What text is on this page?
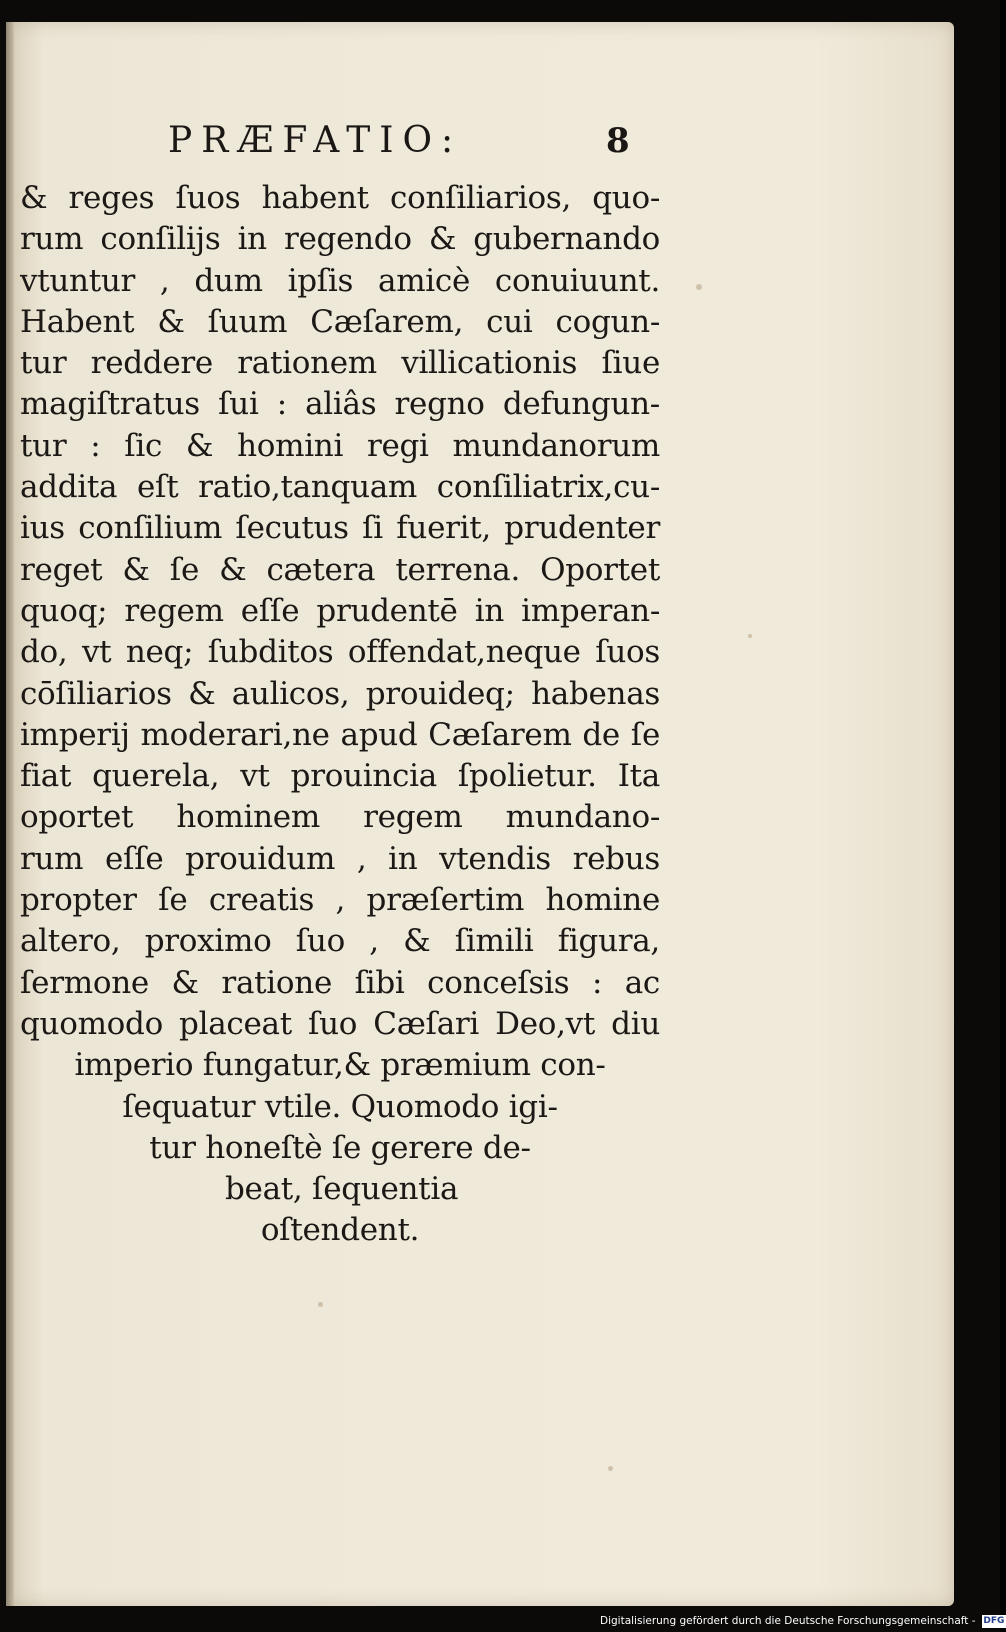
PRÆFATIO:	8
& reges ſuos habent conſiliarios, quo-
rum conſilijs in regendo & gubernando
vtuntur , dum ipſis amicè conuiuunt.
Habent & ſuum Cæſarem, cui cogun-
tur reddere rationem villicationis ſiue
magiſtratus ſui : aliâs regno defungun-
tur : ſic & homini regi mundanorum
addita eſt ratio,tanquam conſiliatrix,cu-
ius conſilium ſecutus ſi fuerit, prudenter
reget & ſe & cætera terrena. Oportet
quoq; regem eſſe prudentē in imperan-
do, vt neq; ſubditos offendat,neque ſuos
cōſiliarios & aulicos, prouideq; habenas
imperij moderari,ne apud Cæſarem de ſe
fiat querela, vt prouincia ſpolietur. Ita
oportet hominem regem mundano-
rum eſſe prouidum , in vtendis rebus
propter ſe creatis , præſertim homine
altero, proximo ſuo , & ſimili figura,
ſermone & ratione ſibi conceſsis : ac
quomodo placeat ſuo Cæſari Deo,vt diu
imperio fungatur,& præmium con-
ſequatur vtile. Quomodo igi-
tur honeſtè ſe gerere de-
beat, ſequentia
oſtendent.
Digitalisierung gefördert durch die Deutsche Forschungsgemeinschaft - DFG
